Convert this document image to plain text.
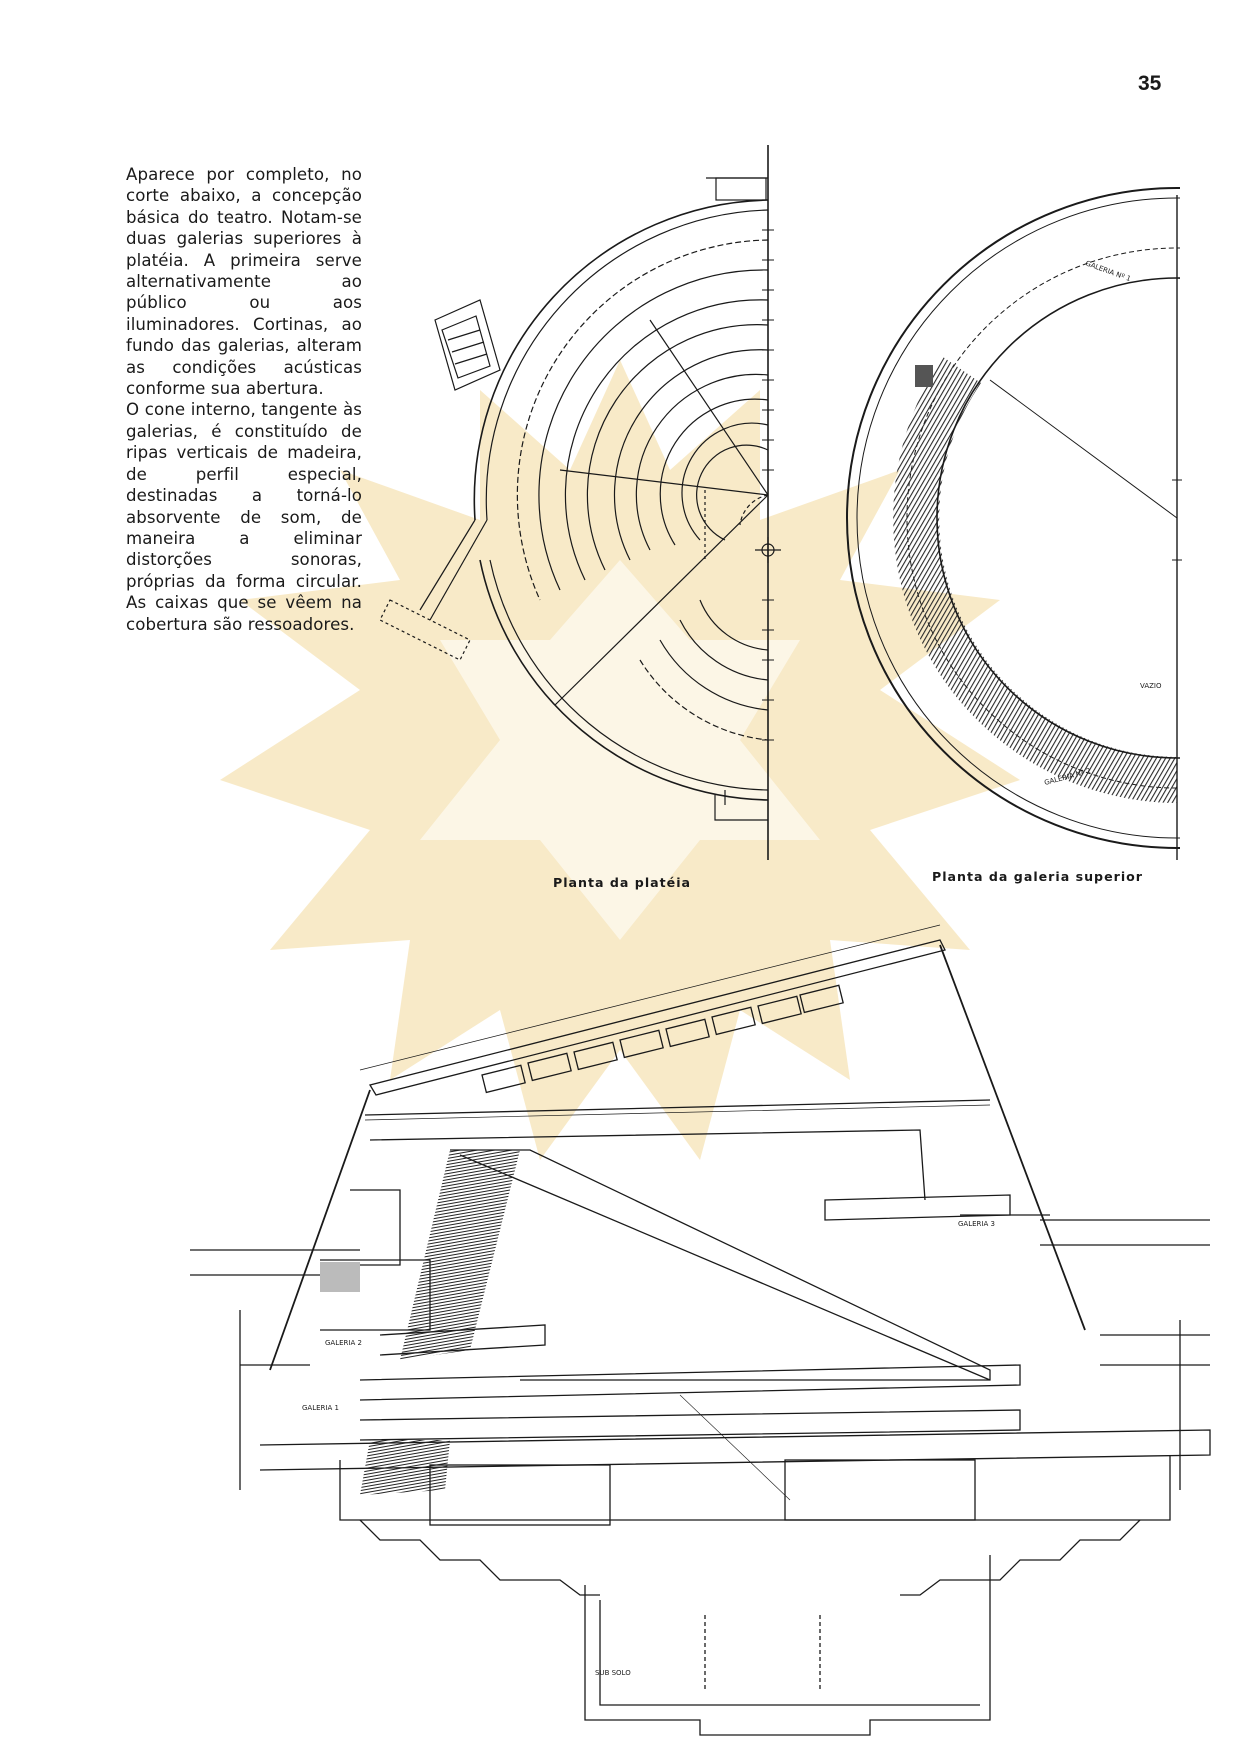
35

Aparece por completo, no corte abaixo, a concepção básica do teatro. Notam-se duas galerias superiores à platéia. A primeira serve alternativamente ao público ou aos iluminadores. Cortinas, ao fundo das galerias, alteram as condições acústicas conforme sua abertura.

O cone interno, tangente às galerias, é constituído de ripas verticais de madeira, de perfil especial, destinadas a torná-lo absorvente de som, de maneira a eliminar distorções sonoras, próprias da forma circular. As caixas que se vêem na cobertura são ressoadores.

VAZIO
GALERIA Nº 1
GALERIA Nº 2
Planta da platéia	Planta da galeria superior
GALERIA 2
GALERIA 1
GALERIA 3
SUB SOLO
